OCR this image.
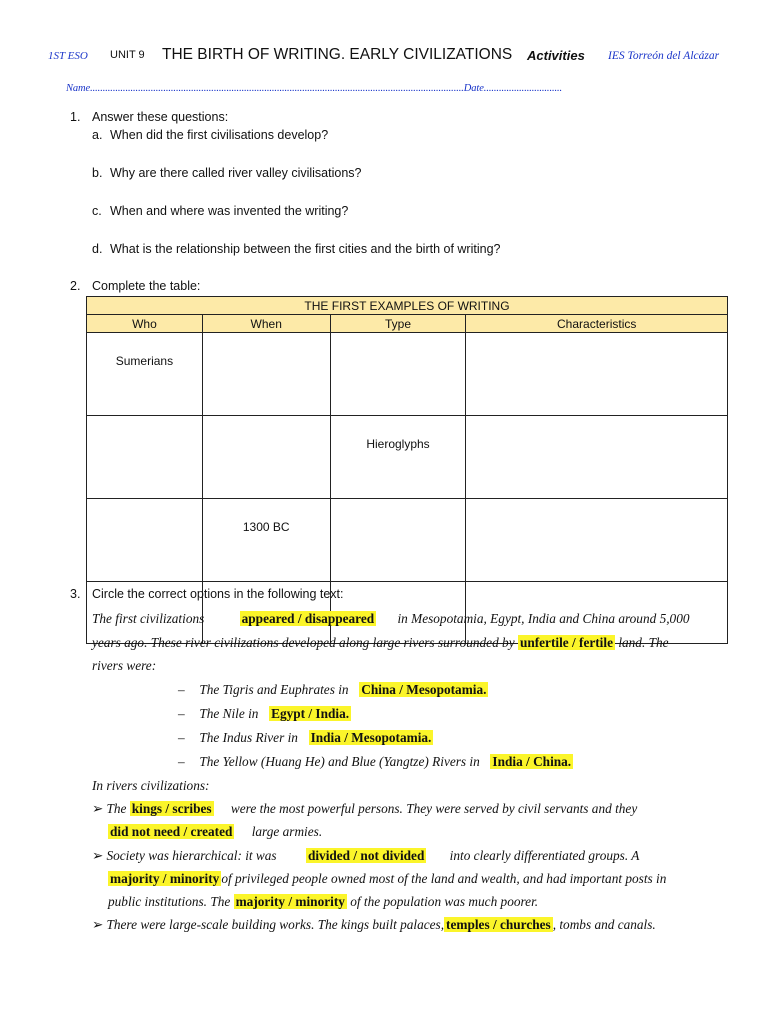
1ST ESO UNIT 9 THE BIRTH OF WRITING. EARLY CIVILIZATIONS Activities IES Torreón del Alcázar
Name....................................................................................................................................................Date...............................
1. Answer these questions:
a. When did the first civilisations develop?
b. Why are there called river valley civilisations?
c. When and where was invented the writing?
d. What is the relationship between the first cities and the birth of writing?
2. Complete the table:
THE FIRST EXAMPLES OF WRITING			
Who	When	Type	Characteristics
Sumerians			
		Hieroglyphs	
	1300 BC		

3. Circle the correct options in the following text:
The first civilizations	appeared / disappeared in Mesopotamia, Egypt, India and China around 5,000
years ago. These river civilizations developed along large rivers surrounded by unfertile / fertile land. The
rivers were:
– The Tigris and Euphrates in China / Mesopotamia.
– The Nile in Egypt / India.
– The Indus River in India / Mesopotamia.
– The Yellow (Huang He) and Blue (Yangtze) Rivers in India / China.
In rivers civilizations:
➢ The kings / scribes were the most powerful persons. They were served by civil servants and they
did not need / created large armies.
➢ Society was hierarchical: it was divided / not divided into clearly differentiated groups. A
majority / minority of privileged people owned most of the land and wealth, and had important posts in
public institutions. The majority / minority of the population was much poorer.
➢ There were large-scale building works. The kings built palaces, temples / churches , tombs and canals.
